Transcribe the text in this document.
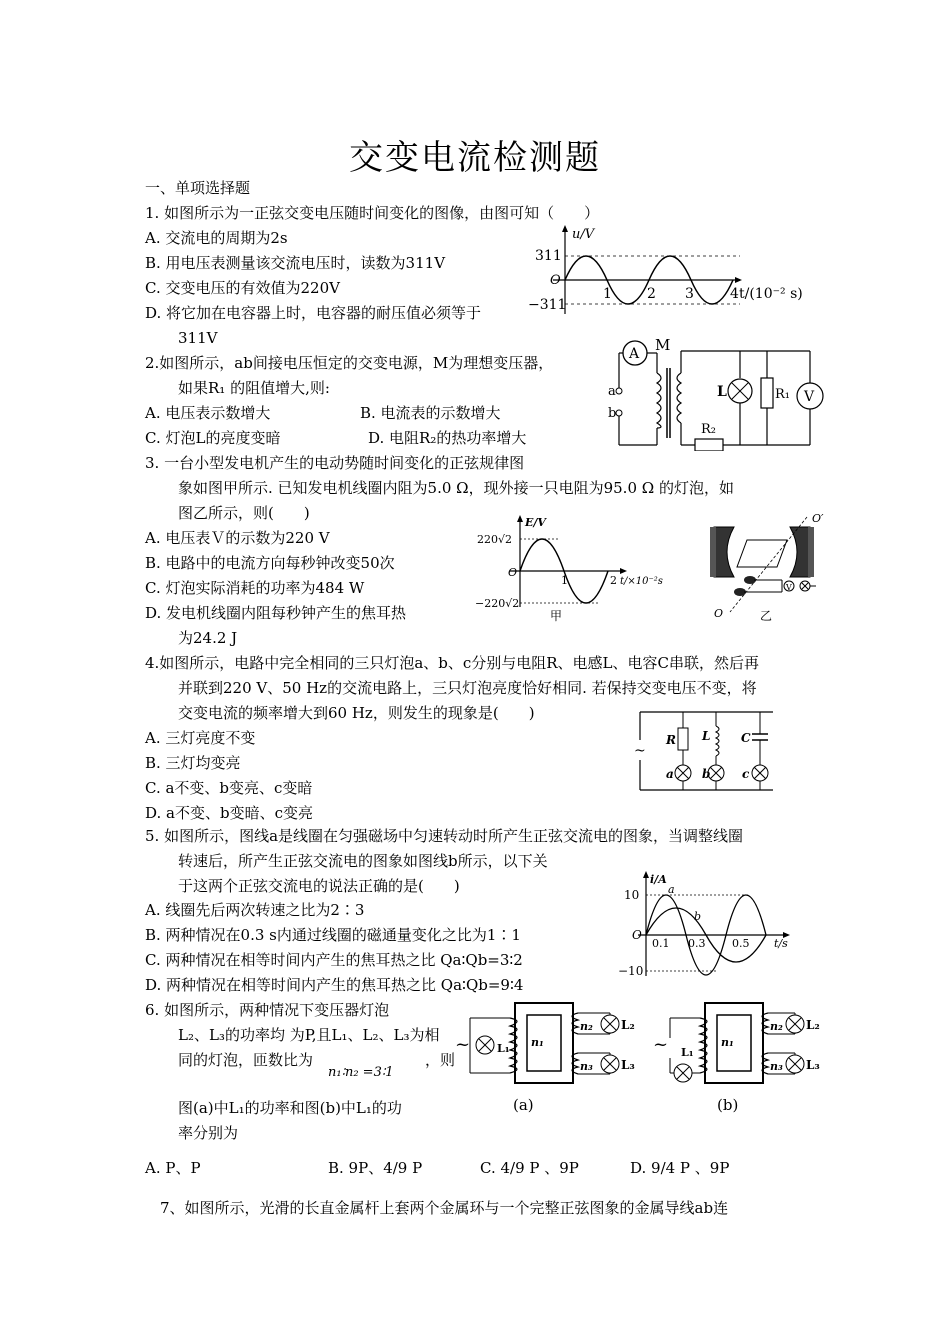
交变电流检测题
一、单项选择题
1. 如图所示为一正弦交变电压随时间变化的图像，由图可知（　　）
A. 交流电的周期为2s
B. 用电压表测量该交流电压时，读数为311V
C. 交变电压的有效值为220V
D. 将它加在电容器上时，电容器的耐压值必须等于
311V
u/V
311
O
−311
1	2 3	4 t/(10⁻² s)
2.如图所示，ab间接电压恒定的交变电源，M为理想变压器，
如果R₁ 的阻值增大,则:
A. 电压表示数增大	B. 电流表的示数增大
C. 灯泡L的亮度变暗	D. 电阻R₂的热功率增大
A M
a
b
R₂
L	R₁ V
3. 一台小型发电机产生的电动势随时间变化的正弦规律图
象如图甲所示. 已知发电机线圈内阻为5.0 Ω，现外接一只电阻为95.0 Ω 的灯泡，如
图乙所示，则(　　)
A. 电压表Ｖ的示数为220 V
B. 电路中的电流方向每秒钟改变50次
C. 灯泡实际消耗的功率为484 W
D. 发电机线圈内阻每秒钟产生的焦耳热
为24.2 J
E/V
220√2
O
−220√2
1	2 t/×10⁻²s
甲
V
O′
O	乙
4.如图所示，电路中完全相同的三只灯泡a、b、c分别与电阻R、电感L、电容C串联，然后再
并联到220 V、50 Hz的交流电路上，三只灯泡亮度恰好相同. 若保持交变电压不变，将
交变电流的频率增大到60 Hz，则发生的现象是(　　)
A. 三灯亮度不变
B. 三灯均变亮
C. a不变、b变亮、c变暗
D. a不变、b变暗、c变亮
~
R
a
L
b
C
c
5. 如图所示，图线a是线圈在匀强磁场中匀速转动时所产生正弦交流电的图象，当调整线圈
转速后，所产生正弦交流电的图象如图线b所示，以下关
于这两个正弦交流电的说法正确的是(　　)
A. 线圈先后两次转速之比为2∶3
B. 两种情况在0.3 s内通过线圈的磁通量变化之比为1∶1
C. 两种情况在相等时间内产生的焦耳热之比 Qa∶Qb=3∶2
D. 两种情况在相等时间内产生的焦耳热之比 Qa∶Qb=9∶4
i/A
10
O
−10
a
b
0.1 0.3 0.5 t/s
6. 如图所示，两种情况下变压器灯泡
L₂、L₃的功率均 为P,且L₁、L₂、L₃为相
同的灯泡，匝数比为
n₁∶n₂ =3∶1
，则
图(a)中L₁的功率和图(b)中L₁的功
率分别为
A. P、P	B. 9P、4/9 P	C. 4/9 P 、9P	D. 9/4 P 、9P
~ L₁ n₁
n₂
n₃
L₂
L₃
(a)
~ L₁
n₁
n₂
n₃
L₂
L₃
(b)
7、如图所示，光滑的长直金属杆上套两个金属环与一个完整正弦图象的金属导线ab连
